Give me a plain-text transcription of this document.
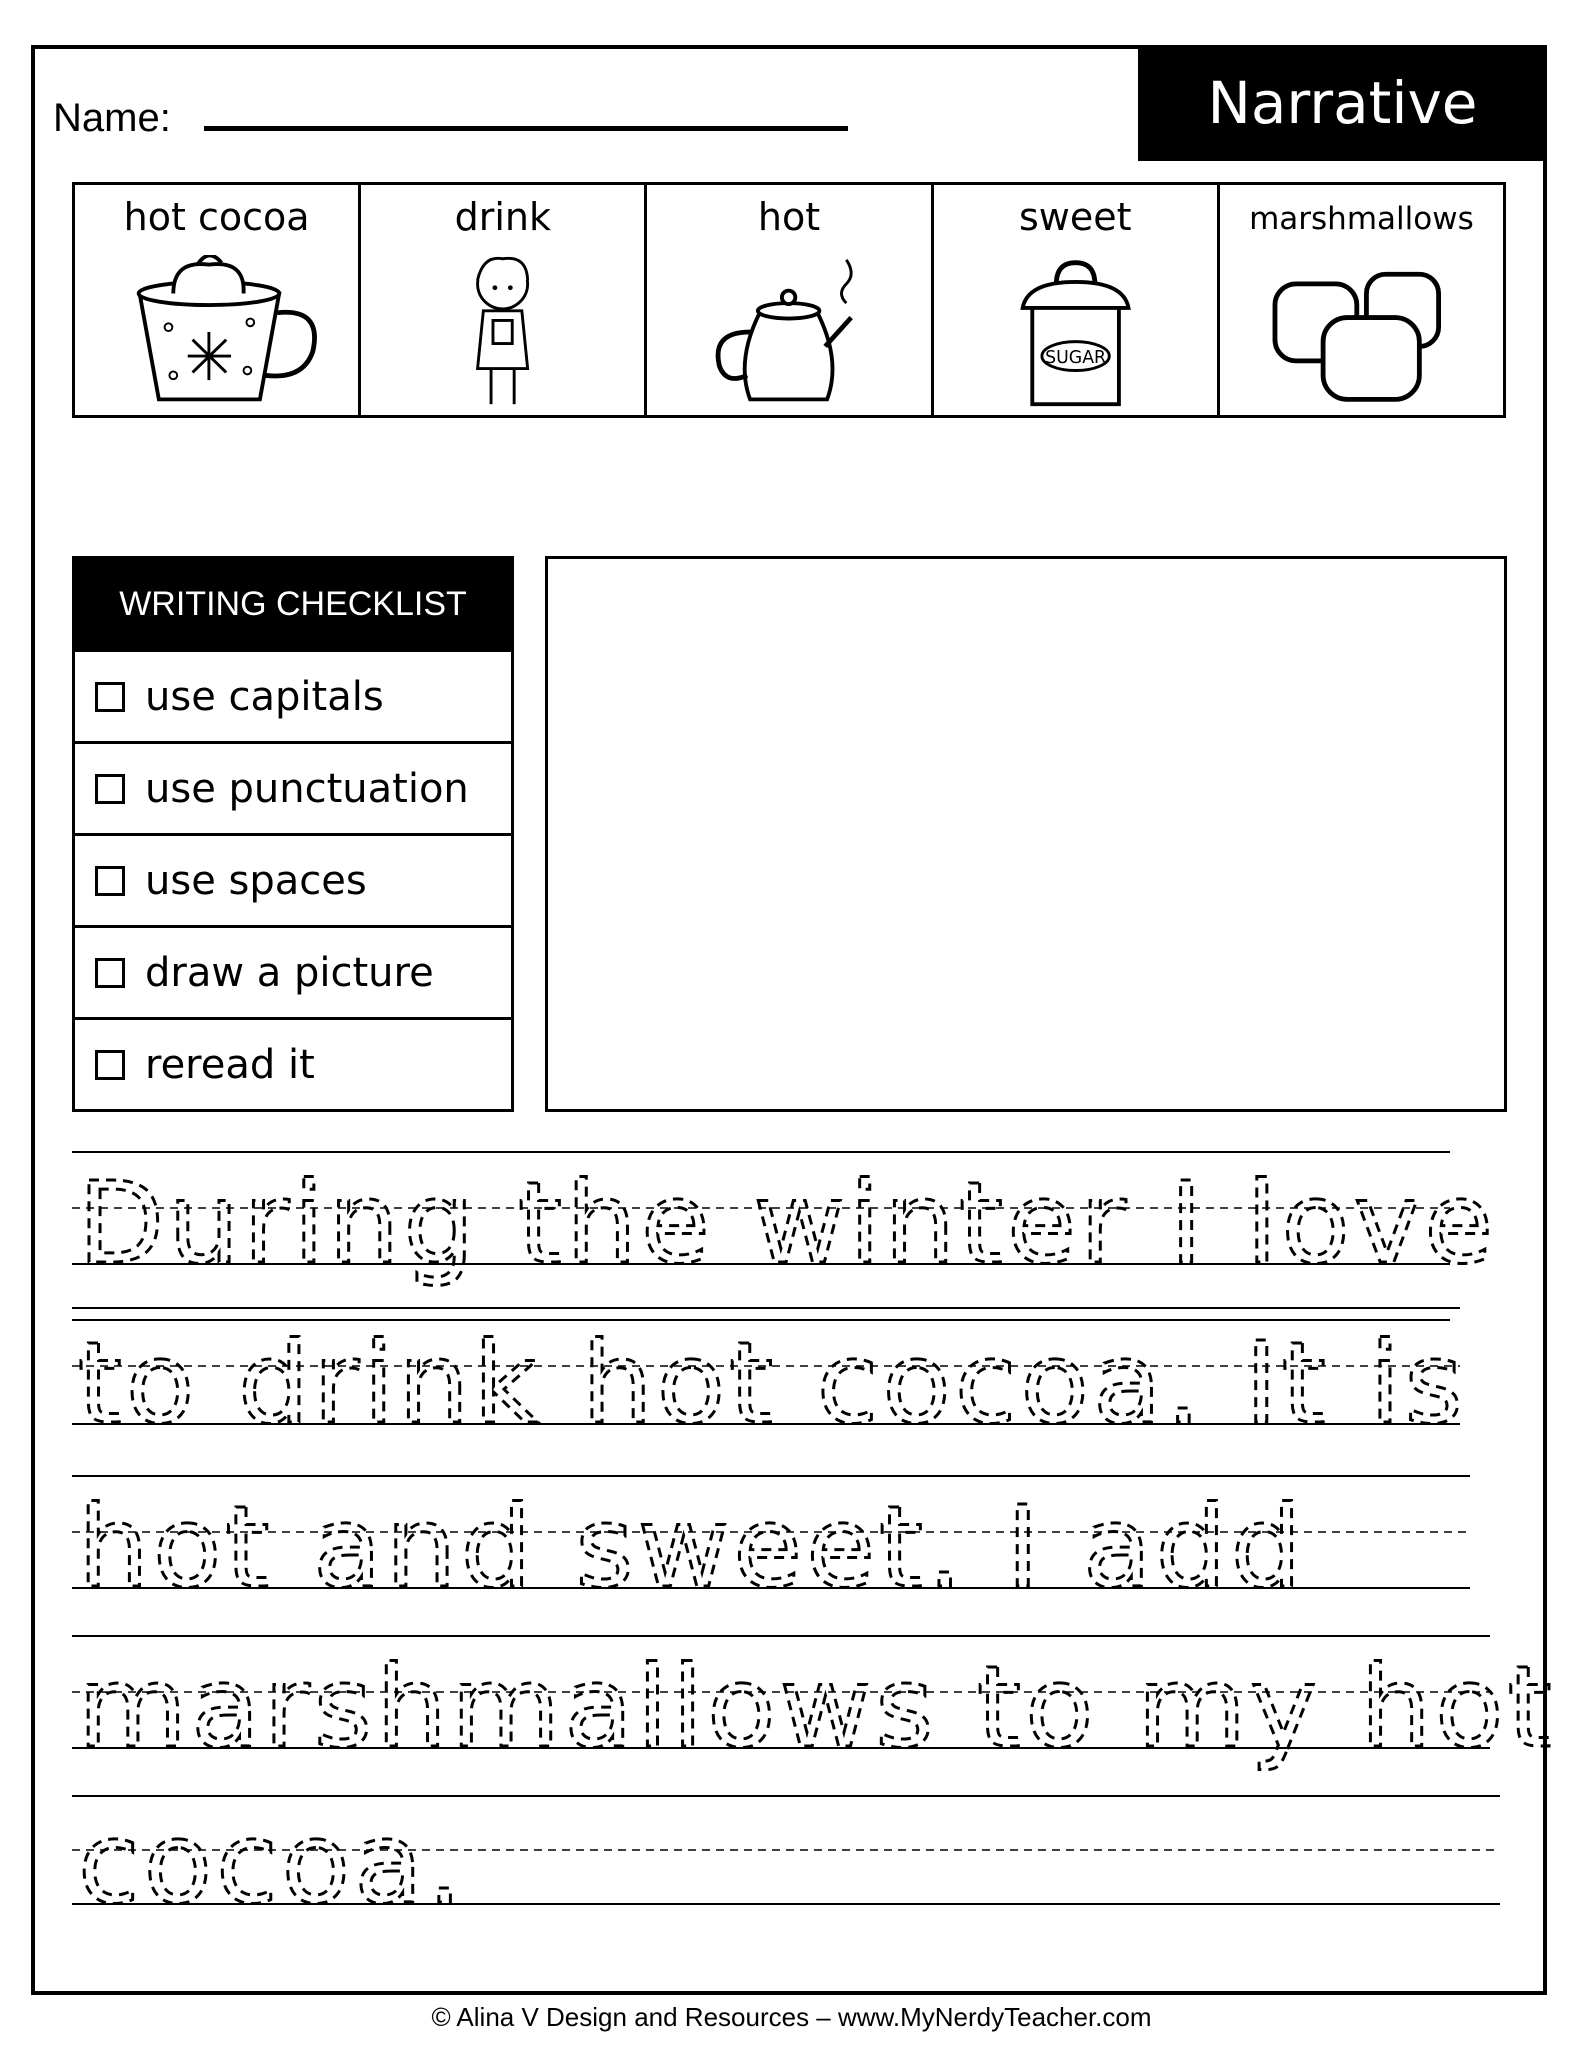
Narrative
Name:
hot cocoa	drink	hot	sweet
SUGAR
marshmallows
WRITING CHECKLIST
use capitals
use punctuation
use spaces
draw a picture
reread it
During the winter I love
to drink hot cocoa. It is
hot and sweet. I add
marshmallows to my hot
cocoa.
© Alina V Design and Resources – www.MyNerdyTeacher.com
